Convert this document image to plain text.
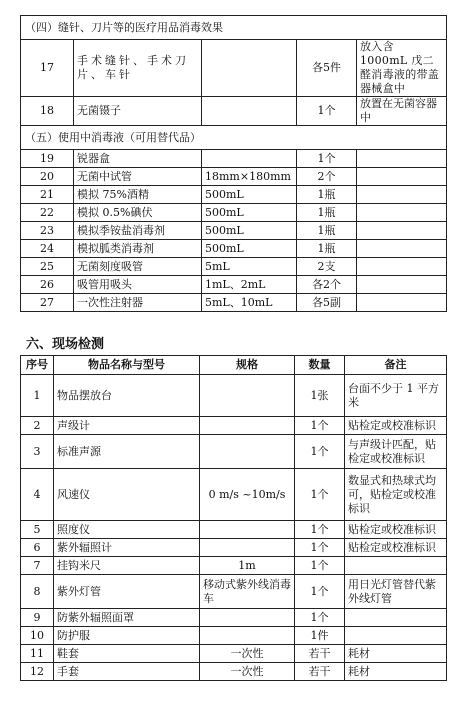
（四）缝针、刀片等的医疗用品消毒效果				
17	手术缝针、手术刀片、车针		各5件	放入含 1000mL 戊二醛消毒液的带盖器械盒中
18	无菌镊子		1个	放置在无菌容器中
（五）使用中消毒液（可用替代品）				
19	锐器盒		1个	
20	无菌中试管	18mm×180mm	2个	
21	模拟 75%酒精	500mL	1瓶	
22	模拟 0.5%碘伏	500mL	1瓶	
23	模拟季铵盐消毒剂	500mL	1瓶	
24	模拟胍类消毒剂	500mL	1瓶	
25	无菌刻度吸管	5mL	2支	
26	吸管用吸头	1mL、2mL	各2个	
27	一次性注射器	5mL、10mL	各5副	
六、现场检测
序号	物品名称与型号	规格	数量	备注
1	物品摆放台		1张	台面不少于 1 平方米
2	声级计		1个	贴检定或校准标识
3	标准声源		1个	与声级计匹配，贴检定或校准标识
4	风速仪	0 m/s ~10m/s	1个	数显式和热球式均可，贴检定或校准标识
5	照度仪		1个	贴检定或校准标识
6	紫外辐照计		1个	贴检定或校准标识
7	挂钩米尺	1m	1个	
8	紫外灯管	移动式紫外线消毒车	1个	用日光灯管替代紫外线灯管
9	防紫外辐照面罩		1个	
10	防护服		1件	
11	鞋套	一次性	若干	耗材
12	手套	一次性	若干	耗材
